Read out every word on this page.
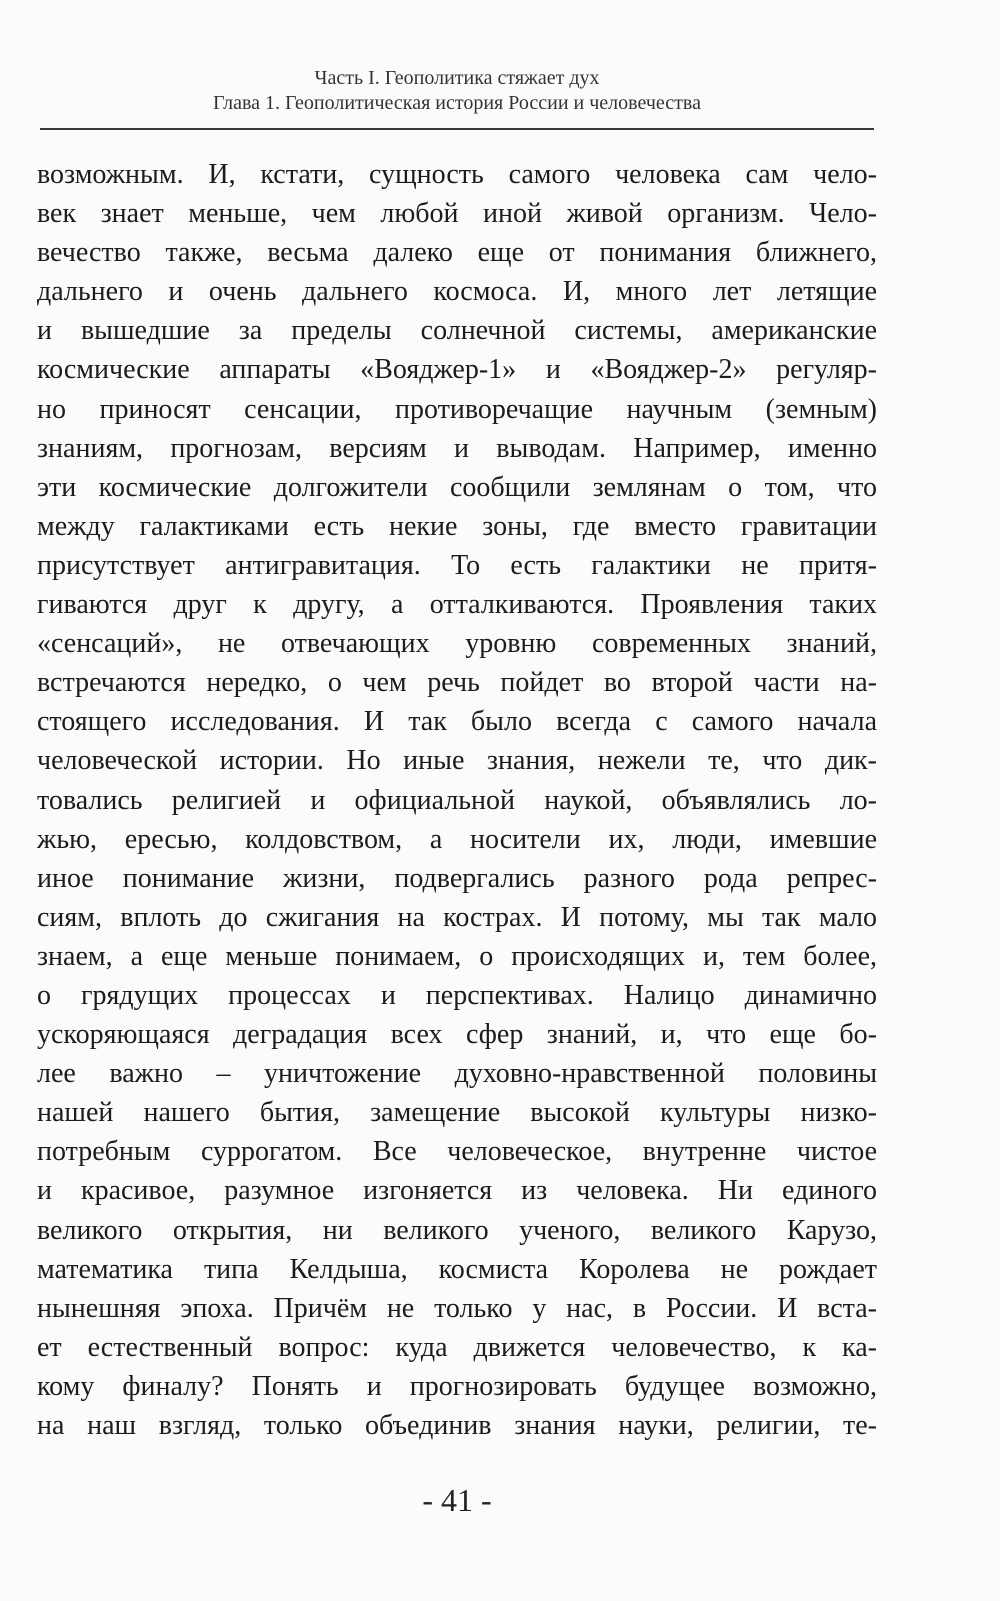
Часть I. Геополитика стяжает дух
Глава 1. Геополитическая история России и человечества
возможным. И, кстати, сущность самого человека сам чело-
век знает меньше, чем любой иной живой организм. Чело-
вечество также, весьма далеко еще от понимания ближнего,
дальнего и очень дальнего космоса. И, много лет летящие
и вышедшие за пределы солнечной системы, американские
космические аппараты «Вояджер-1» и «Вояджер-2» регуляр-
но приносят сенсации, противоречащие научным (земным)
знаниям, прогнозам, версиям и выводам. Например, именно
эти космические долгожители сообщили землянам о том, что
между галактиками есть некие зоны, где вместо гравитации
присутствует антигравитация. То есть галактики не притя-
гиваются друг к другу, а отталкиваются. Проявления таких
«сенсаций», не отвечающих уровню современных знаний,
встречаются нередко, о чем речь пойдет во второй части на-
стоящего исследования. И так было всегда с самого начала
человеческой истории. Но иные знания, нежели те, что дик-
товались религией и официальной наукой, объявлялись ло-
жью, ересью, колдовством, а носители их, люди, имевшие
иное понимание жизни, подвергались разного рода репрес-
сиям, вплоть до сжигания на кострах. И потому, мы так мало
знаем, а еще меньше понимаем, о происходящих и, тем более,
о грядущих процессах и перспективах. Налицо динамично
ускоряющаяся деградация всех сфер знаний, и, что еще бо-
лее важно – уничтожение духовно-нравственной половины
нашей нашего бытия, замещение высокой культуры низко-
потребным суррогатом. Все человеческое, внутренне чистое
и красивое, разумное изгоняется из человека. Ни единого
великого открытия, ни великого ученого, великого Карузо,
математика типа Келдыша, космиста Королева не рождает
нынешняя эпоха. Причём не только у нас, в России. И вста-
ет естественный вопрос: куда движется человечество, к ка-
кому финалу? Понять и прогнозировать будущее возможно,
на наш взгляд, только объединив знания науки, религии, те-
- 41 -
